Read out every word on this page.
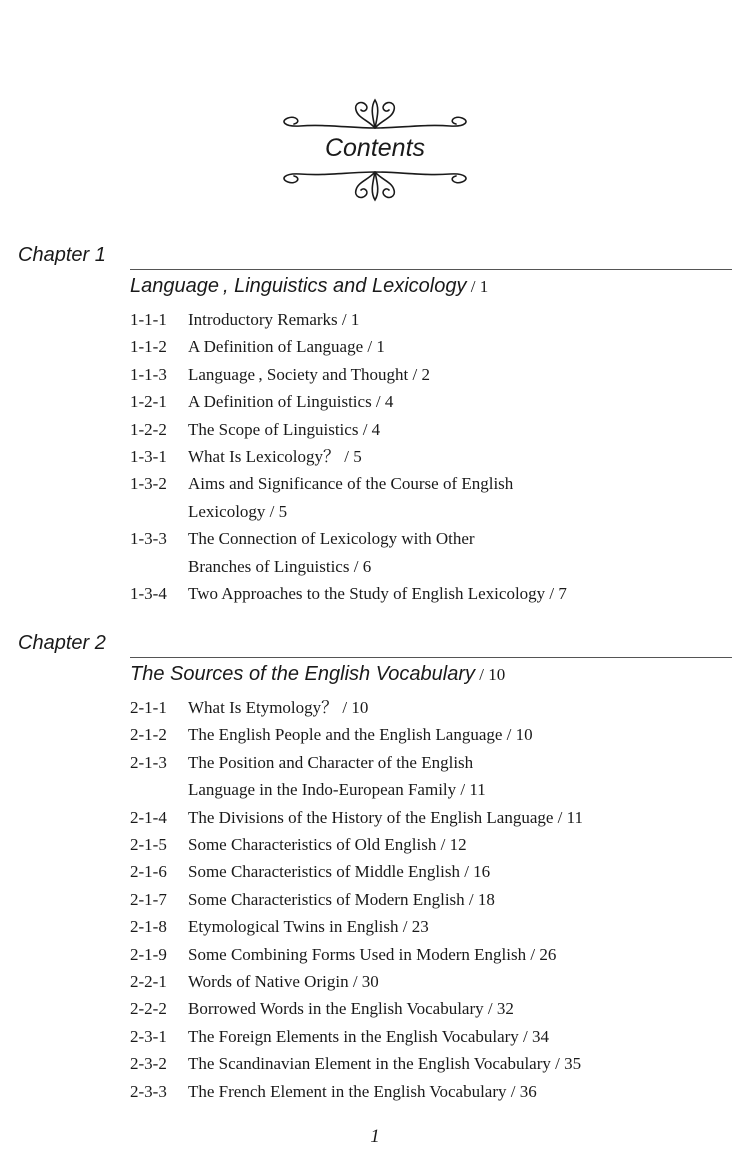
Contents
Chapter 1
Language , Linguistics and Lexicology / 1
1-1-1	Introductory Remarks / 1
1-1-2	A Definition of Language / 1
1-1-3	Language , Society and Thought / 2
1-2-1	A Definition of Linguistics / 4
1-2-2	The Scope of Linguistics / 4
1-3-1	What Is Lexicology？ / 5
1-3-2	Aims and Significance of the Course of English
Lexicology / 5
1-3-3	The Connection of Lexicology with Other
Branches of Linguistics / 6
1-3-4	Two Approaches to the Study of English Lexicology / 7
Chapter 2
The Sources of the English Vocabulary / 10
2-1-1	What Is Etymology？ / 10
2-1-2	The English People and the English Language / 10
2-1-3	The Position and Character of the English
Language in the Indo-European Family / 11
2-1-4	The Divisions of the History of the English Language / 11
2-1-5	Some Characteristics of Old English / 12
2-1-6	Some Characteristics of Middle English / 16
2-1-7	Some Characteristics of Modern English / 18
2-1-8	Etymological Twins in English / 23
2-1-9	Some Combining Forms Used in Modern English / 26
2-2-1	Words of Native Origin / 30
2-2-2	Borrowed Words in the English Vocabulary / 32
2-3-1	The Foreign Elements in the English Vocabulary / 34
2-3-2	The Scandinavian Element in the English Vocabulary / 35
2-3-3	The French Element in the English Vocabulary / 36
1
